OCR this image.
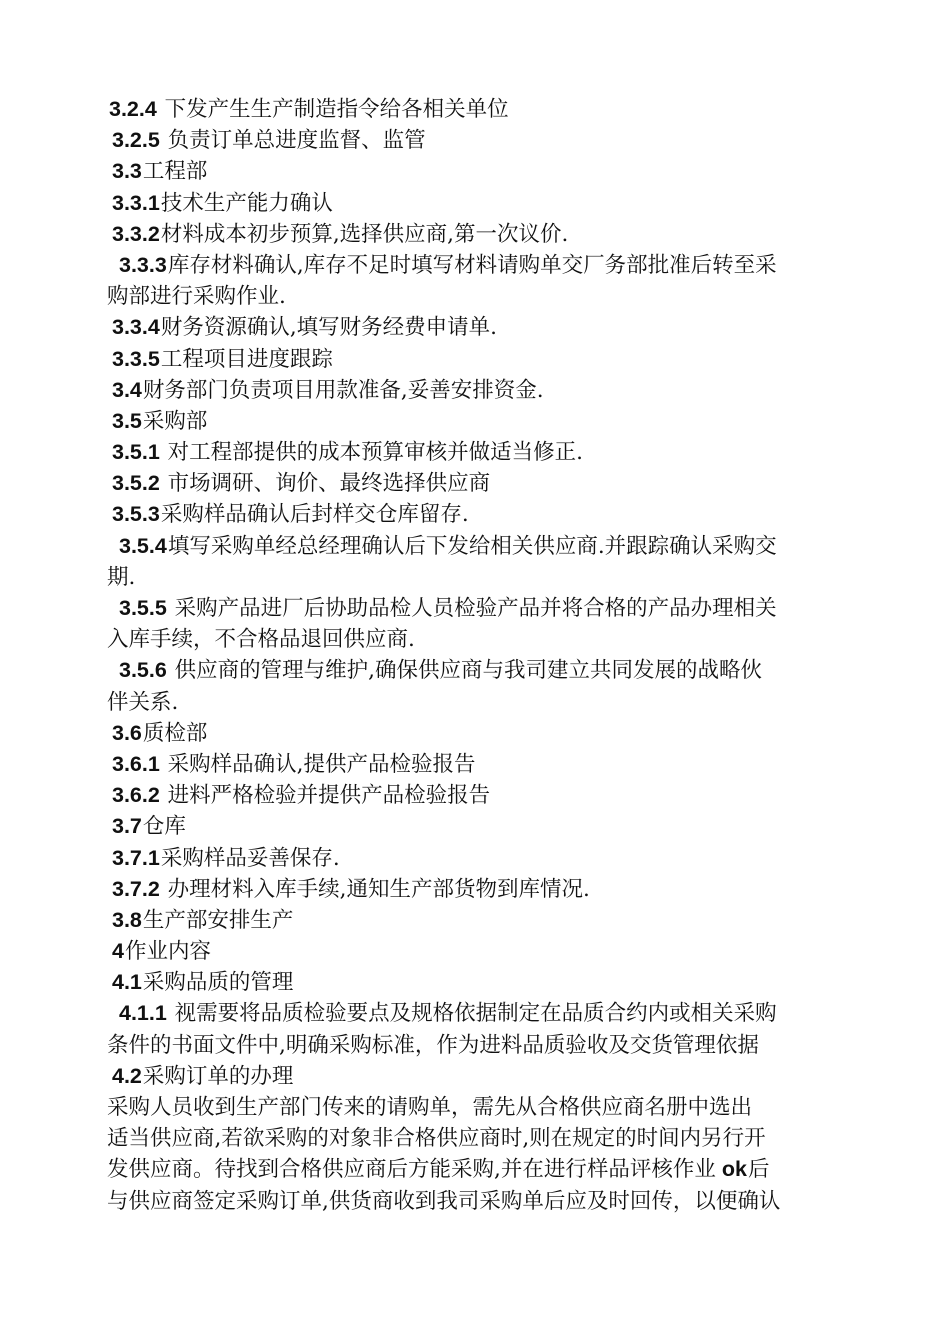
3.2.4 下发产生生产制造指令给各相关单位
3.2.5 负责订单总进度监督、监管
3.3工程部
3.3.1技术生产能力确认
3.3.2材料成本初步预算,选择供应商,第一次议价.
3.3.3库存材料确认,库存不足时填写材料请购单交厂务部批准后转至采
购部进行采购作业.
3.3.4财务资源确认,填写财务经费申请单.
3.3.5工程项目进度跟踪
3.4财务部门负责项目用款准备,妥善安排资金.
3.5采购部
3.5.1 对工程部提供的成本预算审核并做适当修正.
3.5.2 市场调研、询价、最终选择供应商
3.5.3采购样品确认后封样交仓库留存.
3.5.4填写采购单经总经理确认后下发给相关供应商.并跟踪确认采购交
期.
3.5.5 采购产品进厂后协助品检人员检验产品并将合格的产品办理相关
入库手续，不合格品退回供应商.
3.5.6 供应商的管理与维护,确保供应商与我司建立共同发展的战略伙
伴关系.
3.6质检部
3.6.1 采购样品确认,提供产品检验报告
3.6.2 进料严格检验并提供产品检验报告
3.7仓库
3.7.1采购样品妥善保存.
3.7.2 办理材料入库手续,通知生产部货物到库情况.
3.8生产部安排生产
4作业内容
4.1采购品质的管理
4.1.1 视需要将品质检验要点及规格依据制定在品质合约内或相关采购
条件的书面文件中,明确采购标准，作为进料品质验收及交货管理依据
4.2采购订单的办理
采购人员收到生产部门传来的请购单，需先从合格供应商名册中选出
适当供应商,若欲采购的对象非合格供应商时,则在规定的时间内另行开
发供应商。待找到合格供应商后方能采购,并在进行样品评核作业 ok后
与供应商签定采购订单,供货商收到我司采购单后应及时回传，以便确认
